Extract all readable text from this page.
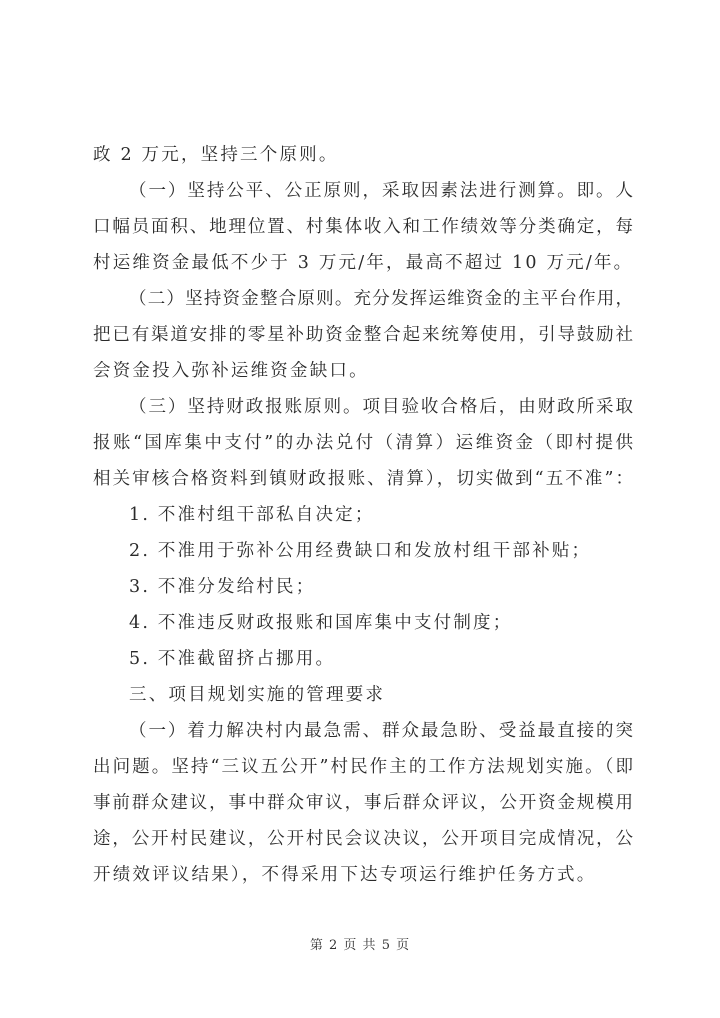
政 2 万元，坚持三个原则。
（一）坚持公平、公正原则，采取因素法进行测算。即。人
口幅员面积、地理位置、村集体收入和工作绩效等分类确定，每
村运维资金最低不少于 3 万元/年，最高不超过 10 万元/年。
（二）坚持资金整合原则。充分发挥运维资金的主平台作用，
把已有渠道安排的零星补助资金整合起来统筹使用，引导鼓励社
会资金投入弥补运维资金缺口。
（三）坚持财政报账原则。项目验收合格后，由财政所采取
报账“国库集中支付”的办法兑付（清算）运维资金（即村提供
相关审核合格资料到镇财政报账、清算），切实做到“五不准”：
1. 不准村组干部私自决定；
2. 不准用于弥补公用经费缺口和发放村组干部补贴；
3. 不准分发给村民；
4. 不准违反财政报账和国库集中支付制度；
5. 不准截留挤占挪用。
三、项目规划实施的管理要求
（一）着力解决村内最急需、群众最急盼、受益最直接的突
出问题。坚持“三议五公开”村民作主的工作方法规划实施。（即
事前群众建议，事中群众审议，事后群众评议，公开资金规模用
途，公开村民建议，公开村民会议决议，公开项目完成情况，公
开绩效评议结果），不得采用下达专项运行维护任务方式。
第 2 页 共 5 页
